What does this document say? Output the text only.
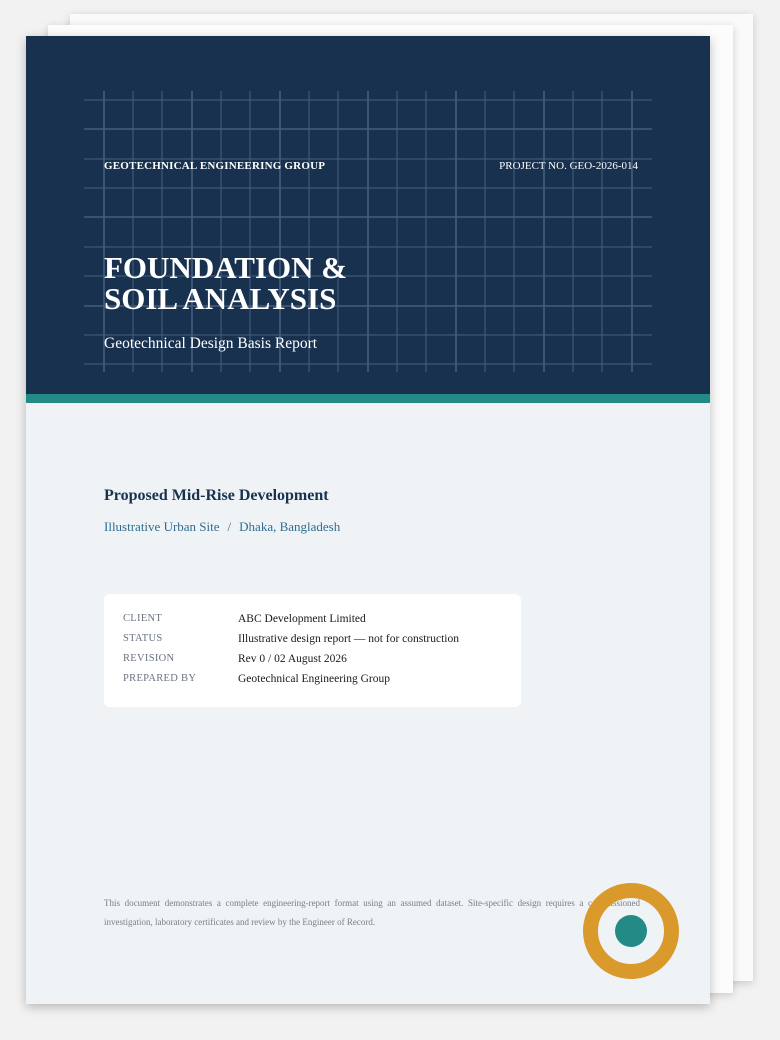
GEOTECHNICAL ENGINEERING GROUP	PROJECT NO. GEO-2026-014
FOUNDATION &
SOIL ANALYSIS
Geotechnical Design Basis Report
Proposed Mid-Rise Development
Illustrative Urban Site / Dhaka, Bangladesh
CLIENT	ABC Development Limited
STATUS	Illustrative design report — not for construction
REVISION	Rev 0 / 02 August 2026
PREPARED BY	Geotechnical Engineering Group
This document demonstrates a complete engineering-report format using an assumed dataset. Site-specific design requires a commissioned investigation, laboratory certificates and review by the Engineer of Record.
